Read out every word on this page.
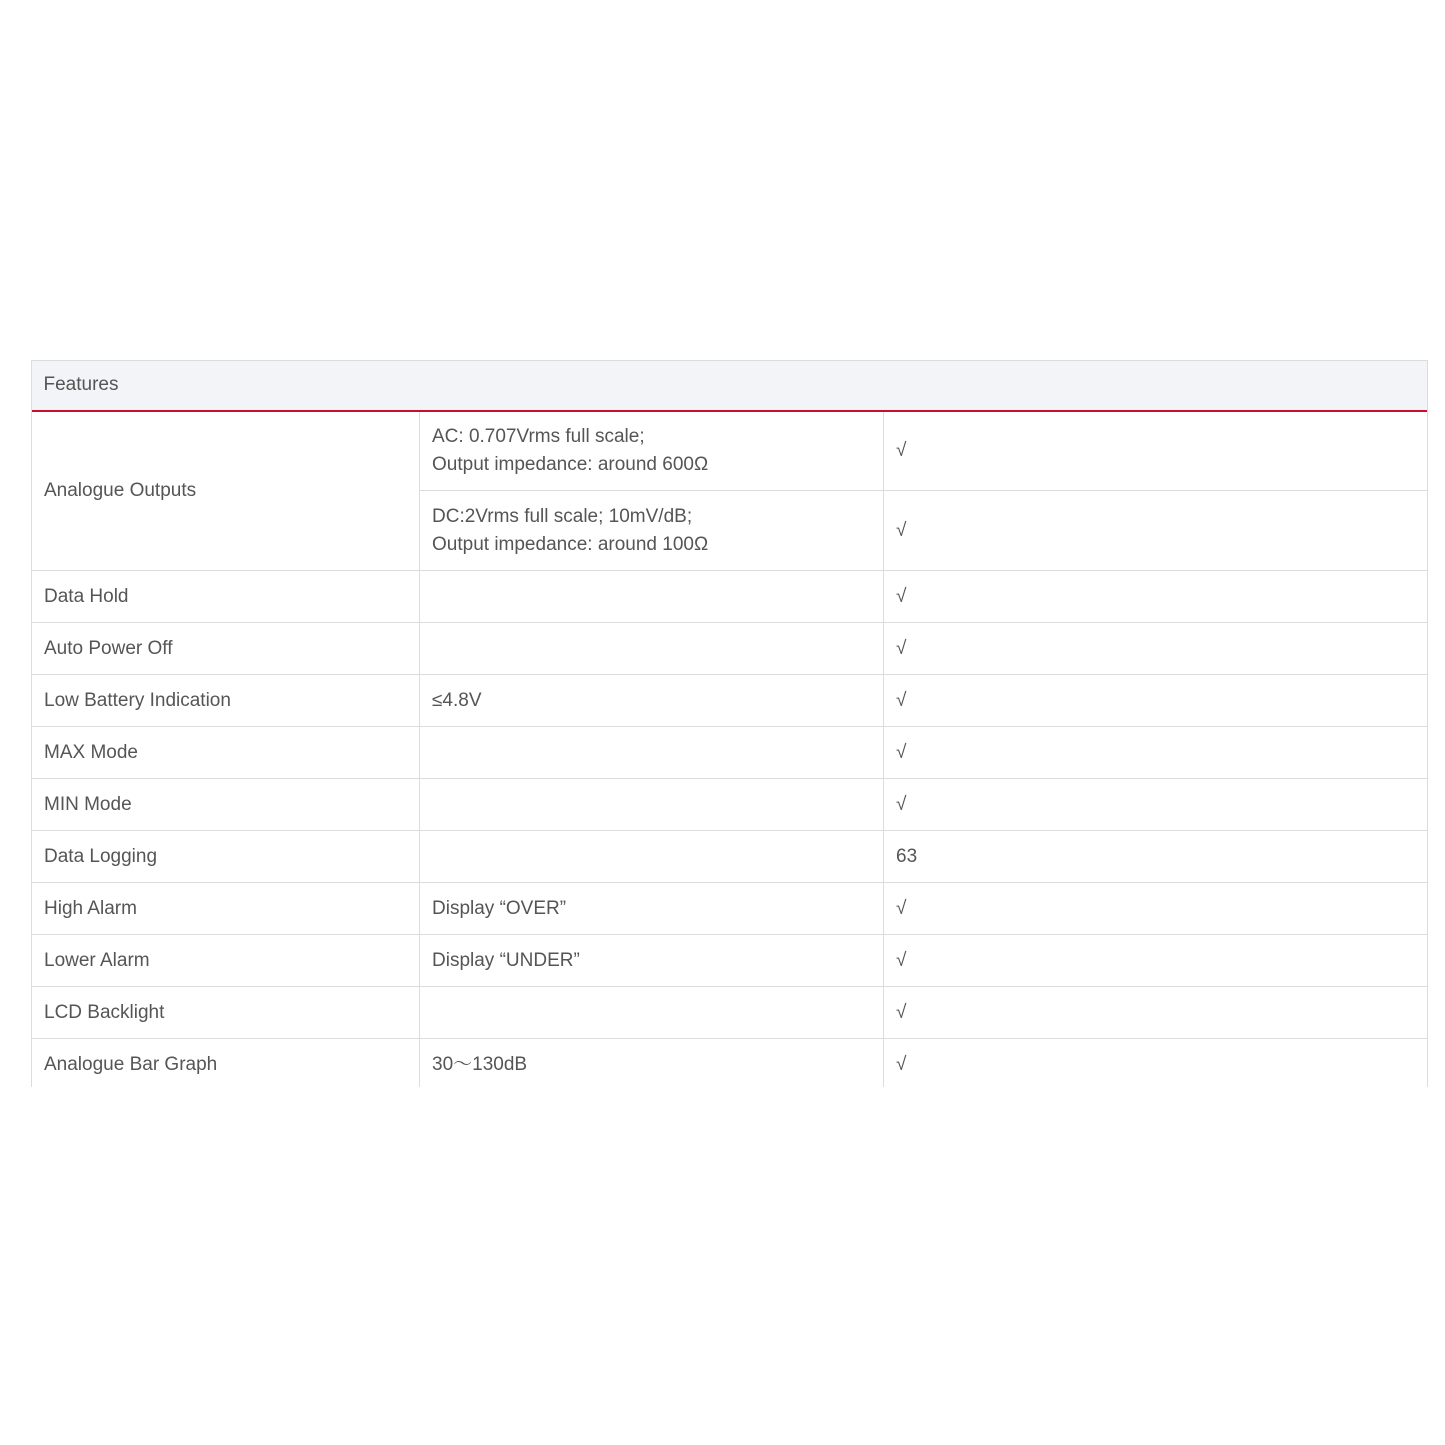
Features		
Analogue Outputs	AC: 0.707Vrms full scale;
Output impedance: around 600Ω	√

	DC:2Vrms full scale; 10mV/dB;
Output impedance: around 100Ω	√
Data Hold		√
Auto Power Off		√
Low Battery Indication	≤4.8V	√
MAX Mode		√
MIN Mode		√
Data Logging		63
High Alarm	Display “OVER”	√
Lower Alarm	Display “UNDER”	√
LCD Backlight		√
Analogue Bar Graph	30～130dB	√
